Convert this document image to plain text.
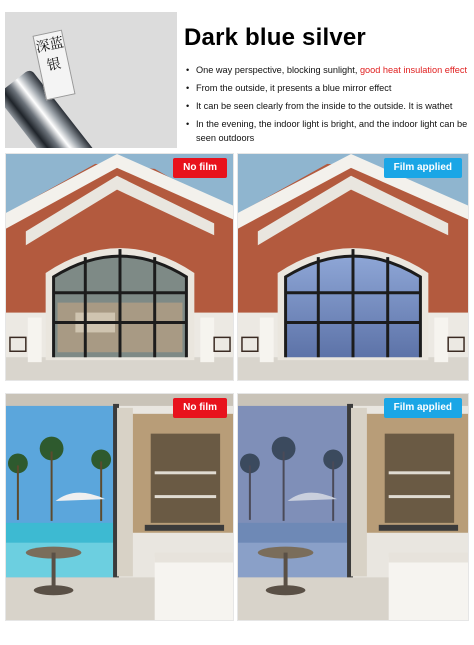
深蓝银
Dark blue silver
• One way perspective, blocking sunlight, good heat insulation effect
• From the outside, it presents a blue mirror effect
• It can be seen clearly from the inside to the outside. It is wathet
• In the evening, the indoor light is bright, and the indoor light can be seen outdoors
No film	Film applied
No film	Film applied
